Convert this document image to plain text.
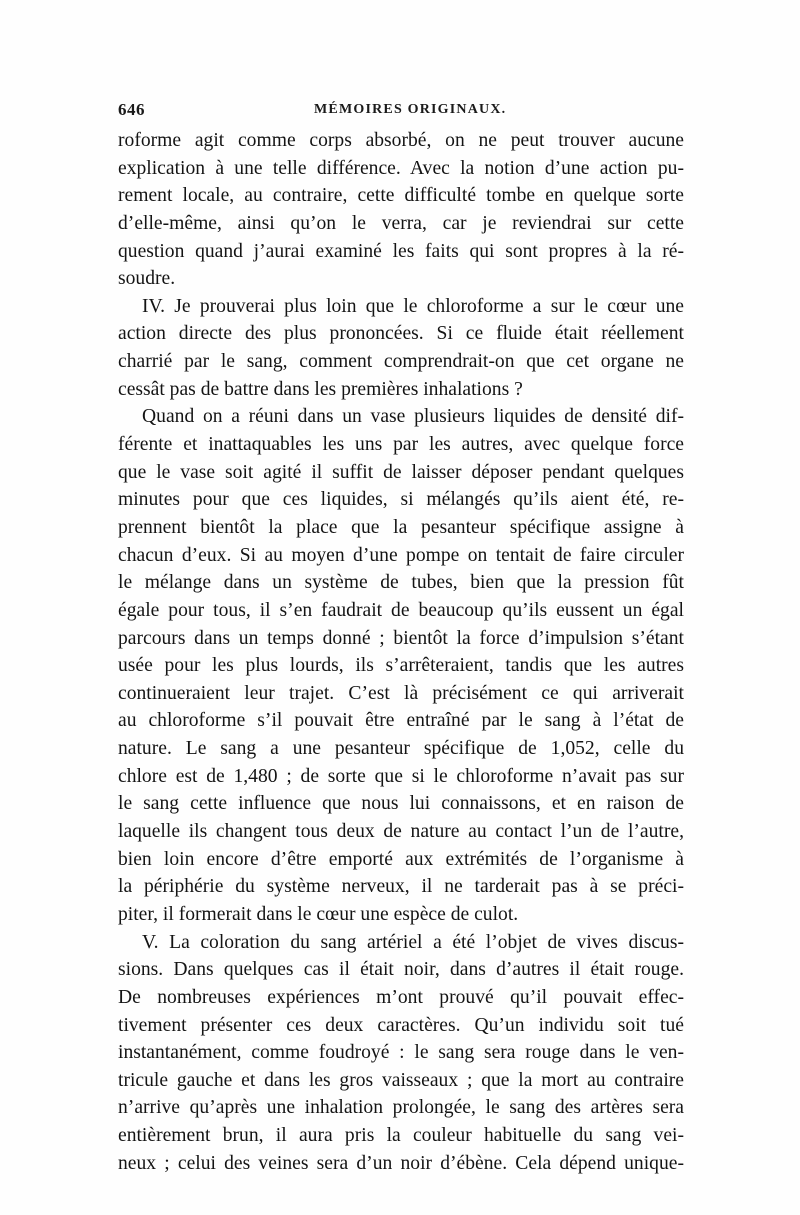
646	MÉMOIRES ORIGINAUX.
roforme agit comme corps absorbé, on ne peut trouver aucune
explication à une telle différence. Avec la notion d’une action pu-
rement locale, au contraire, cette difficulté tombe en quelque sorte
d’elle-même, ainsi qu’on le verra, car je reviendrai sur cette
question quand j’aurai examiné les faits qui sont propres à la ré-
soudre.
IV. Je prouverai plus loin que le chloroforme a sur le cœur une
action directe des plus prononcées. Si ce fluide était réellement
charrié par le sang, comment comprendrait-on que cet organe ne
cessât pas de battre dans les premières inhalations ?
Quand on a réuni dans un vase plusieurs liquides de densité dif-
férente et inattaquables les uns par les autres, avec quelque force
que le vase soit agité il suffit de laisser déposer pendant quelques
minutes pour que ces liquides, si mélangés qu’ils aient été, re-
prennent bientôt la place que la pesanteur spécifique assigne à
chacun d’eux. Si au moyen d’une pompe on tentait de faire circuler
le mélange dans un système de tubes, bien que la pression fût
égale pour tous, il s’en faudrait de beaucoup qu’ils eussent un égal
parcours dans un temps donné ; bientôt la force d’impulsion s’étant
usée pour les plus lourds, ils s’arrêteraient, tandis que les autres
continueraient leur trajet. C’est là précisément ce qui arriverait
au chloroforme s’il pouvait être entraîné par le sang à l’état de
nature. Le sang a une pesanteur spécifique de 1,052, celle du
chlore est de 1,480 ; de sorte que si le chloroforme n’avait pas sur
le sang cette influence que nous lui connaissons, et en raison de
laquelle ils changent tous deux de nature au contact l’un de l’autre,
bien loin encore d’être emporté aux extrémités de l’organisme à
la périphérie du système nerveux, il ne tarderait pas à se préci-
piter, il formerait dans le cœur une espèce de culot.
V. La coloration du sang artériel a été l’objet de vives discus-
sions. Dans quelques cas il était noir, dans d’autres il était rouge.
De nombreuses expériences m’ont prouvé qu’il pouvait effec-
tivement présenter ces deux caractères. Qu’un individu soit tué
instantanément, comme foudroyé : le sang sera rouge dans le ven-
tricule gauche et dans les gros vaisseaux ; que la mort au contraire
n’arrive qu’après une inhalation prolongée, le sang des artères sera
entièrement brun, il aura pris la couleur habituelle du sang vei-
neux ; celui des veines sera d’un noir d’ébène. Cela dépend unique-
